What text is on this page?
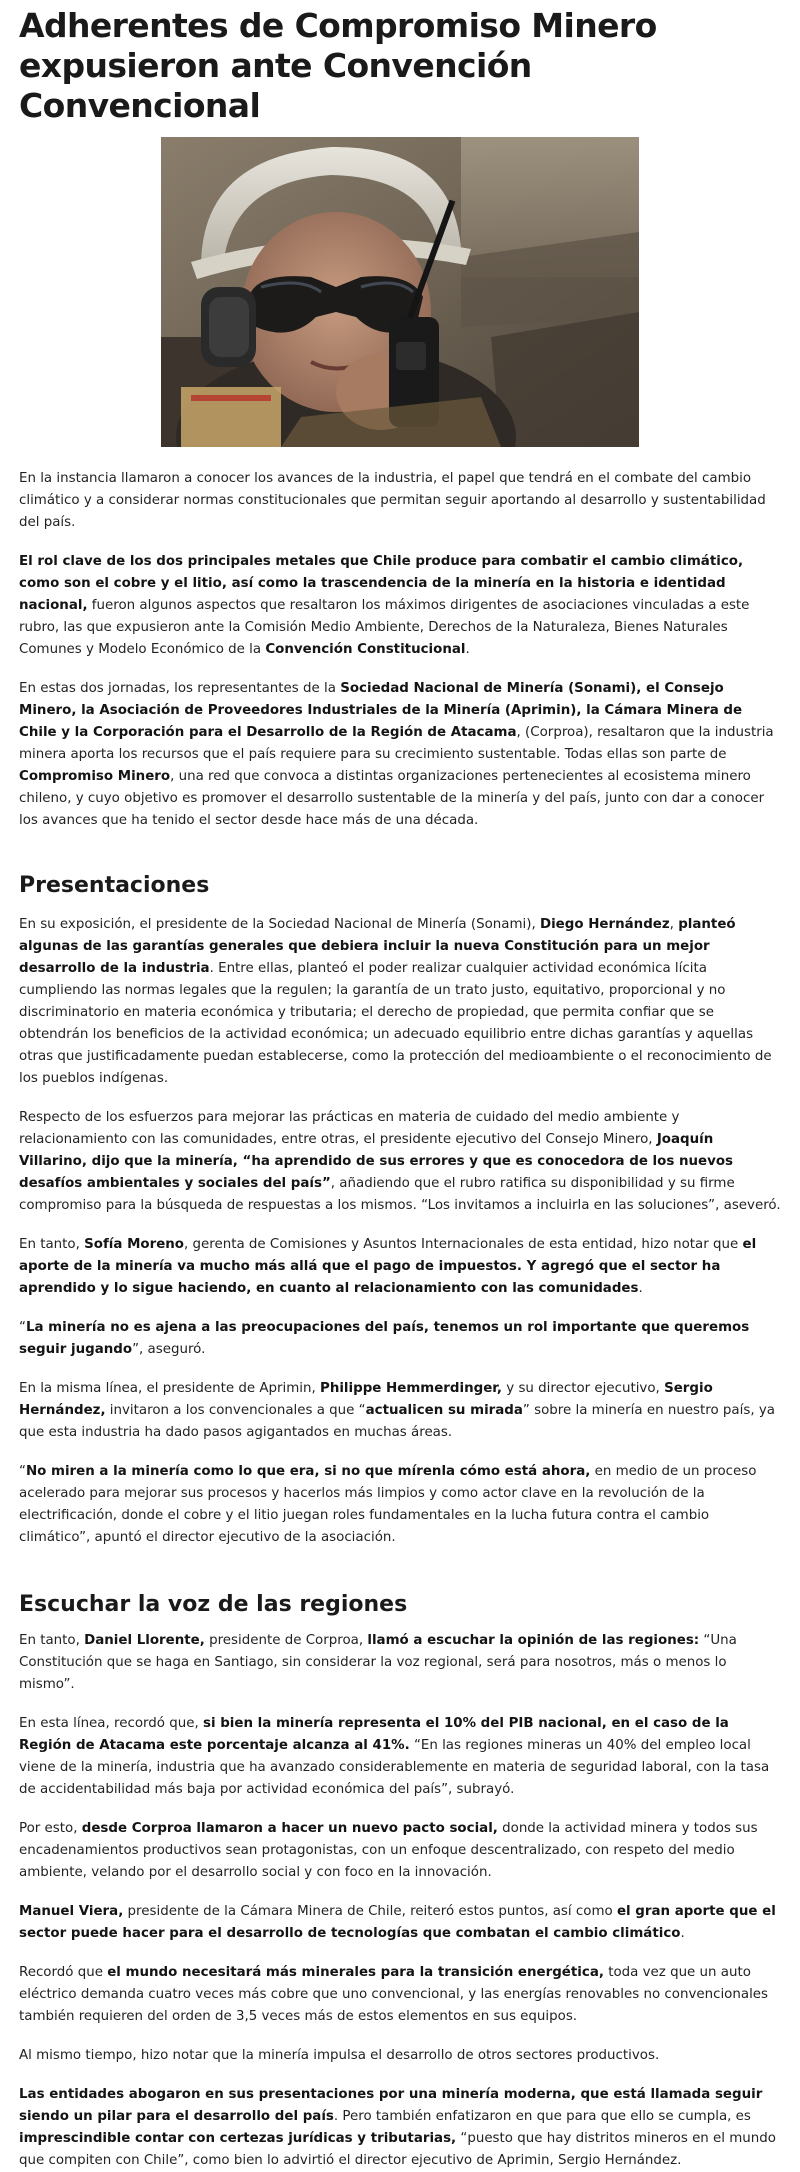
Adherentes de Compromiso Minero expusieron ante Convención Convencional

En la instancia llamaron a conocer los avances de la industria, el papel que tendrá en el combate del cambio climático y a considerar normas constitucionales que permitan seguir aportando al desarrollo y sustentabilidad del país.

El rol clave de los dos principales metales que Chile produce para combatir el cambio climático, como son el cobre y el litio, así como la trascendencia de la minería en la historia e identidad nacional, fueron algunos aspectos que resaltaron los máximos dirigentes de asociaciones vinculadas a este rubro, las que expusieron ante la Comisión Medio Ambiente, Derechos de la Naturaleza, Bienes Naturales Comunes y Modelo Económico de la Convención Constitucional.

En estas dos jornadas, los representantes de la Sociedad Nacional de Minería (Sonami), el Consejo Minero, la Asociación de Proveedores Industriales de la Minería (Aprimin), la Cámara Minera de Chile y la Corporación para el Desarrollo de la Región de Atacama, (Corproa), resaltaron que la industria minera aporta los recursos que el país requiere para su crecimiento sustentable. Todas ellas son parte de Compromiso Minero, una red que convoca a distintas organizaciones pertenecientes al ecosistema minero chileno, y cuyo objetivo es promover el desarrollo sustentable de la minería y del país, junto con dar a conocer los avances que ha tenido el sector desde hace más de una década.

Presentaciones

En su exposición, el presidente de la Sociedad Nacional de Minería (Sonami), Diego Hernández, planteó algunas de las garantías generales que debiera incluir la nueva Constitución para un mejor desarrollo de la industria. Entre ellas, planteó el poder realizar cualquier actividad económica lícita cumpliendo las normas legales que la regulen; la garantía de un trato justo, equitativo, proporcional y no discriminatorio en materia económica y tributaria; el derecho de propiedad, que permita confiar que se obtendrán los beneficios de la actividad económica; un adecuado equilibrio entre dichas garantías y aquellas otras que justificadamente puedan establecerse, como la protección del medioambiente o el reconocimiento de los pueblos indígenas.

Respecto de los esfuerzos para mejorar las prácticas en materia de cuidado del medio ambiente y relacionamiento con las comunidades, entre otras, el presidente ejecutivo del Consejo Minero, Joaquín Villarino, dijo que la minería, “ha aprendido de sus errores y que es conocedora de los nuevos desafíos ambientales y sociales del país”, añadiendo que el rubro ratifica su disponibilidad y su firme compromiso para la búsqueda de respuestas a los mismos. “Los invitamos a incluirla en las soluciones”, aseveró.

En tanto, Sofía Moreno, gerenta de Comisiones y Asuntos Internacionales de esta entidad, hizo notar que el aporte de la minería va mucho más allá que el pago de impuestos. Y agregó que el sector ha aprendido y lo sigue haciendo, en cuanto al relacionamiento con las comunidades.

“La minería no es ajena a las preocupaciones del país, tenemos un rol importante que queremos seguir jugando”, aseguró.

En la misma línea, el presidente de Aprimin, Philippe Hemmerdinger, y su director ejecutivo, Sergio Hernández, invitaron a los convencionales a que “actualicen su mirada” sobre la minería en nuestro país, ya que esta industria ha dado pasos agigantados en muchas áreas.

“No miren a la minería como lo que era, si no que mírenla cómo está ahora, en medio de un proceso acelerado para mejorar sus procesos y hacerlos más limpios y como actor clave en la revolución de la electrificación, donde el cobre y el litio juegan roles fundamentales en la lucha futura contra el cambio climático”, apuntó el director ejecutivo de la asociación.

Escuchar la voz de las regiones

En tanto, Daniel Llorente, presidente de Corproa, llamó a escuchar la opinión de las regiones: “Una Constitución que se haga en Santiago, sin considerar la voz regional, será para nosotros, más o menos lo mismo”.

En esta línea, recordó que, si bien la minería representa el 10% del PIB nacional, en el caso de la Región de Atacama este porcentaje alcanza al 41%. “En las regiones mineras un 40% del empleo local viene de la minería, industria que ha avanzado considerablemente en materia de seguridad laboral, con la tasa de accidentabilidad más baja por actividad económica del país”, subrayó.

Por esto, desde Corproa llamaron a hacer un nuevo pacto social, donde la actividad minera y todos sus encadenamientos productivos sean protagonistas, con un enfoque descentralizado, con respeto del medio ambiente, velando por el desarrollo social y con foco en la innovación.

Manuel Viera, presidente de la Cámara Minera de Chile, reiteró estos puntos, así como el gran aporte que el sector puede hacer para el desarrollo de tecnologías que combatan el cambio climático.

Recordó que el mundo necesitará más minerales para la transición energética, toda vez que un auto eléctrico demanda cuatro veces más cobre que uno convencional, y las energías renovables no convencionales también requieren del orden de 3,5 veces más de estos elementos en sus equipos.

Al mismo tiempo, hizo notar que la minería impulsa el desarrollo de otros sectores productivos.

Las entidades abogaron en sus presentaciones por una minería moderna, que está llamada seguir siendo un pilar para el desarrollo del país. Pero también enfatizaron en que para que ello se cumpla, es imprescindible contar con certezas jurídicas y tributarias, “puesto que hay distritos mineros en el mundo que compiten con Chile”, como bien lo advirtió el director ejecutivo de Aprimin, Sergio Hernández.
